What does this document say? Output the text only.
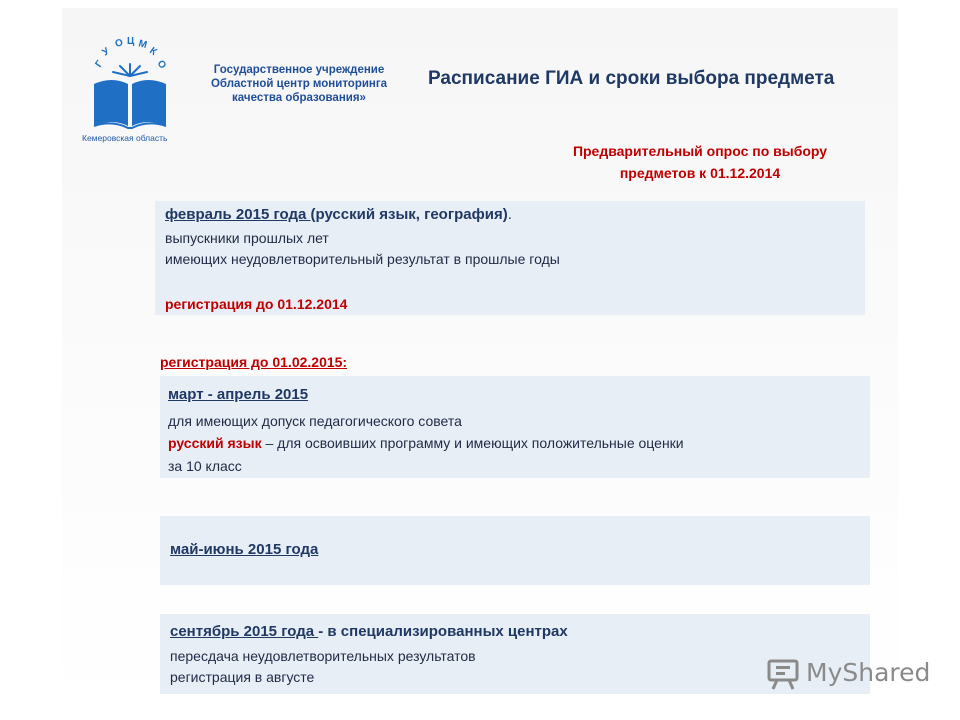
Г
У
О Ц М
К
О
Кемеровская область
Государственное учреждение
Областной центр мониторинга
качества образования»
Расписание ГИА и сроки выбора предмета
Предварительный опрос по выбору
предметов к 01.12.2014
февраль 2015 года (русский язык, география).
выпускники прошлых лет
имеющих неудовлетворительный результат в прошлые годы
регистрация до 01.12.2014
регистрация до 01.02.2015:
март - апрель 2015
для имеющих допуск педагогического совета
русский язык – для освоивших программу и имеющих положительные оценки
за 10 класс
май-июнь 2015 года
сентябрь 2015 года - в специализированных центрах
пересдача неудовлетворительных результатов
регистрация в августе	MyShared
